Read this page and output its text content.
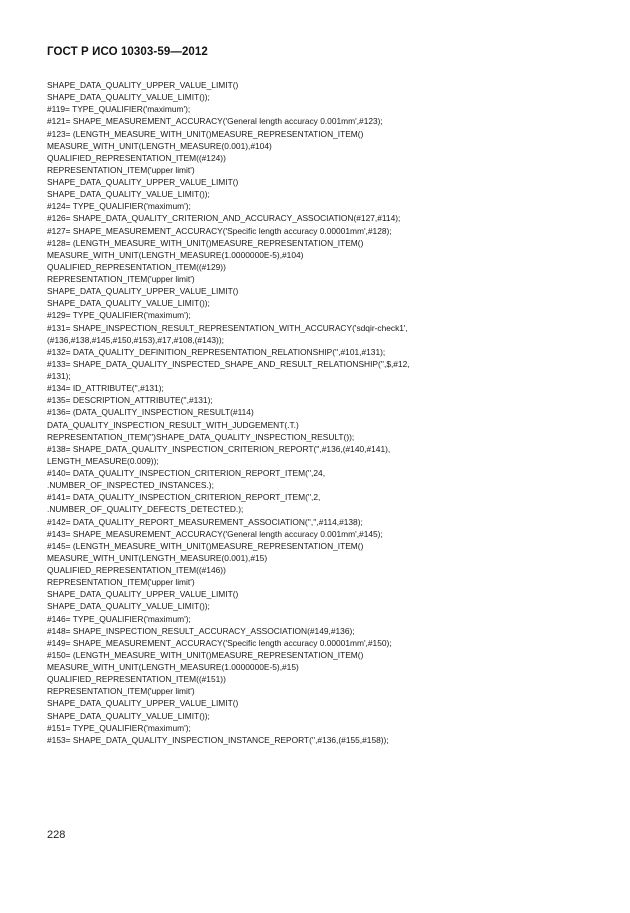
ГОСТ Р ИСО 10303-59—2012
SHAPE_DATA_QUALITY_UPPER_VALUE_LIMIT()
SHAPE_DATA_QUALITY_VALUE_LIMIT());
#119= TYPE_QUALIFIER('maximum');
#121= SHAPE_MEASUREMENT_ACCURACY('General length accuracy 0.001mm',#123);
#123= (LENGTH_MEASURE_WITH_UNIT()MEASURE_REPRESENTATION_ITEM()
MEASURE_WITH_UNIT(LENGTH_MEASURE(0.001),#104)
QUALIFIED_REPRESENTATION_ITEM((#124))
REPRESENTATION_ITEM('upper limit')
SHAPE_DATA_QUALITY_UPPER_VALUE_LIMIT()
SHAPE_DATA_QUALITY_VALUE_LIMIT());
#124= TYPE_QUALIFIER('maximum');
#126= SHAPE_DATA_QUALITY_CRITERION_AND_ACCURACY_ASSOCIATION(#127,#114);
#127= SHAPE_MEASUREMENT_ACCURACY('Specific length accuracy 0.00001mm',#128);
#128= (LENGTH_MEASURE_WITH_UNIT()MEASURE_REPRESENTATION_ITEM()
MEASURE_WITH_UNIT(LENGTH_MEASURE(1.0000000E-5),#104)
QUALIFIED_REPRESENTATION_ITEM((#129))
REPRESENTATION_ITEM('upper limit')
SHAPE_DATA_QUALITY_UPPER_VALUE_LIMIT()
SHAPE_DATA_QUALITY_VALUE_LIMIT());
#129= TYPE_QUALIFIER('maximum');
#131= SHAPE_INSPECTION_RESULT_REPRESENTATION_WITH_ACCURACY('sdqir-check1',
(#136,#138,#145,#150,#153),#17,#108,(#143));
#132= DATA_QUALITY_DEFINITION_REPRESENTATION_RELATIONSHIP('',#101,#131);
#133= SHAPE_DATA_QUALITY_INSPECTED_SHAPE_AND_RESULT_RELATIONSHIP('',$,#12,
#131);
#134= ID_ATTRIBUTE('',#131);
#135= DESCRIPTION_ATTRIBUTE('',#131);
#136= (DATA_QUALITY_INSPECTION_RESULT(#114)
DATA_QUALITY_INSPECTION_RESULT_WITH_JUDGEMENT(.T.)
REPRESENTATION_ITEM('')SHAPE_DATA_QUALITY_INSPECTION_RESULT());
#138= SHAPE_DATA_QUALITY_INSPECTION_CRITERION_REPORT('',#136,(#140,#141),
LENGTH_MEASURE(0.009));
#140= DATA_QUALITY_INSPECTION_CRITERION_REPORT_ITEM('',24,
.NUMBER_OF_INSPECTED_INSTANCES.);
#141= DATA_QUALITY_INSPECTION_CRITERION_REPORT_ITEM('',2,
.NUMBER_OF_QUALITY_DEFECTS_DETECTED.);
#142= DATA_QUALITY_REPORT_MEASUREMENT_ASSOCIATION('','',#114,#138);
#143= SHAPE_MEASUREMENT_ACCURACY('General length accuracy 0.001mm',#145);
#145= (LENGTH_MEASURE_WITH_UNIT()MEASURE_REPRESENTATION_ITEM()
MEASURE_WITH_UNIT(LENGTH_MEASURE(0.001),#15)
QUALIFIED_REPRESENTATION_ITEM((#146))
REPRESENTATION_ITEM('upper limit')
SHAPE_DATA_QUALITY_UPPER_VALUE_LIMIT()
SHAPE_DATA_QUALITY_VALUE_LIMIT());
#146= TYPE_QUALIFIER('maximum');
#148= SHAPE_INSPECTION_RESULT_ACCURACY_ASSOCIATION(#149,#136);
#149= SHAPE_MEASUREMENT_ACCURACY('Specific length accuracy 0.00001mm',#150);
#150= (LENGTH_MEASURE_WITH_UNIT()MEASURE_REPRESENTATION_ITEM()
MEASURE_WITH_UNIT(LENGTH_MEASURE(1.0000000E-5),#15)
QUALIFIED_REPRESENTATION_ITEM((#151))
REPRESENTATION_ITEM('upper limit')
SHAPE_DATA_QUALITY_UPPER_VALUE_LIMIT()
SHAPE_DATA_QUALITY_VALUE_LIMIT());
#151= TYPE_QUALIFIER('maximum');
#153= SHAPE_DATA_QUALITY_INSPECTION_INSTANCE_REPORT('',#136,(#155,#158));
228
